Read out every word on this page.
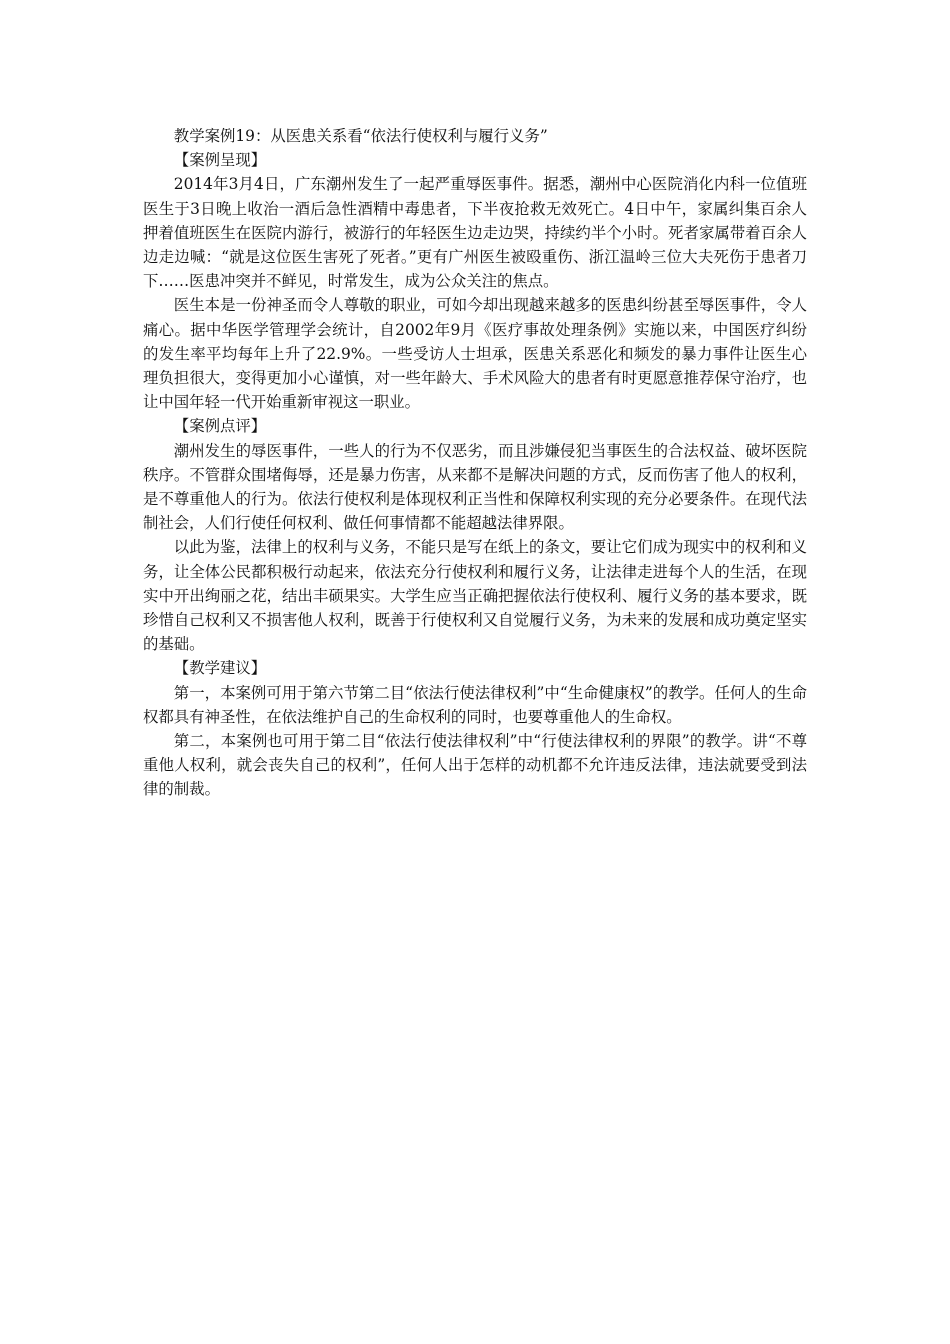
教学案例19：从医患关系看“依法行使权利与履行义务”
【案例呈现】

2014年3月4日，广东潮州发生了一起严重辱医事件。据悉，潮州中心医院消化内科一位值班医生于3日晚上收治一酒后急性酒精中毒患者，下半夜抢救无效死亡。4日中午，家属纠集百余人押着值班医生在医院内游行，被游行的年轻医生边走边哭，持续约半个小时。死者家属带着百余人边走边喊：“就是这位医生害死了死者。”更有广州医生被殴重伤、浙江温岭三位大夫死伤于患者刀下……医患冲突并不鲜见，时常发生，成为公众关注的焦点。

医生本是一份神圣而令人尊敬的职业，可如今却出现越来越多的医患纠纷甚至辱医事件，令人痛心。据中华医学管理学会统计，自2002年9月《医疗事故处理条例》实施以来，中国医疗纠纷的发生率平均每年上升了22.9%。一些受访人士坦承，医患关系恶化和频发的暴力事件让医生心理负担很大，变得更加小心谨慎，对一些年龄大、手术风险大的患者有时更愿意推荐保守治疗，也让中国年轻一代开始重新审视这一职业。

【案例点评】

潮州发生的辱医事件，一些人的行为不仅恶劣，而且涉嫌侵犯当事医生的合法权益、破坏医院秩序。不管群众围堵侮辱，还是暴力伤害，从来都不是解决问题的方式，反而伤害了他人的权利，是不尊重他人的行为。依法行使权利是体现权利正当性和保障权利实现的充分必要条件。在现代法制社会，人们行使任何权利、做任何事情都不能超越法律界限。

以此为鉴，法律上的权利与义务，不能只是写在纸上的条文，要让它们成为现实中的权利和义务，让全体公民都积极行动起来，依法充分行使权利和履行义务，让法律走进每个人的生活，在现实中开出绚丽之花，结出丰硕果实。大学生应当正确把握依法行使权利、履行义务的基本要求，既珍惜自己权利又不损害他人权利，既善于行使权利又自觉履行义务，为未来的发展和成功奠定坚实的基础。

【教学建议】

第一，本案例可用于第六节第二目“依法行使法律权利”中“生命健康权”的教学。任何人的生命权都具有神圣性，在依法维护自己的生命权利的同时，也要尊重他人的生命权。

第二，本案例也可用于第二目“依法行使法律权利”中“行使法律权利的界限”的教学。讲“不尊重他人权利，就会丧失自己的权利”，任何人出于怎样的动机都不允许违反法律，违法就要受到法律的制裁。
